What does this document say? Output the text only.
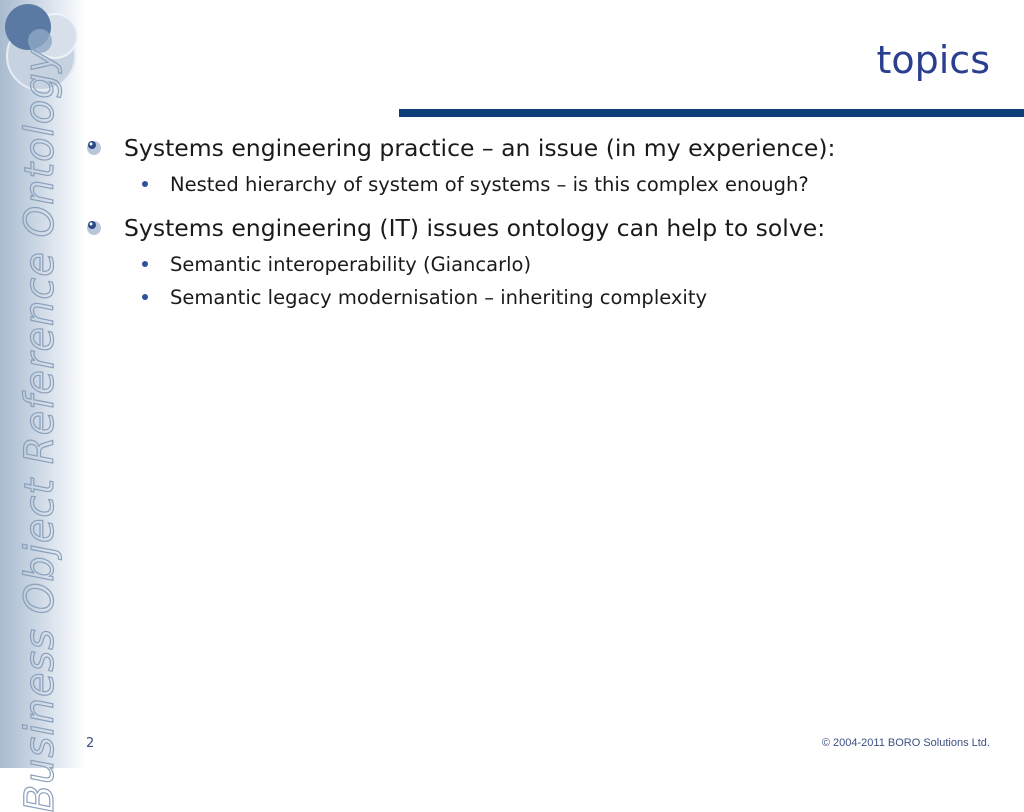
Business Object Reference Ontology	topics
Systems engineering practice – an issue (in my experience):
Nested hierarchy of system of systems – is this complex enough?
Systems engineering (IT) issues ontology can help to solve:
Semantic interoperability (Giancarlo)
Semantic legacy modernisation – inheriting complexity
2	© 2004-2011 BORO Solutions Ltd.
